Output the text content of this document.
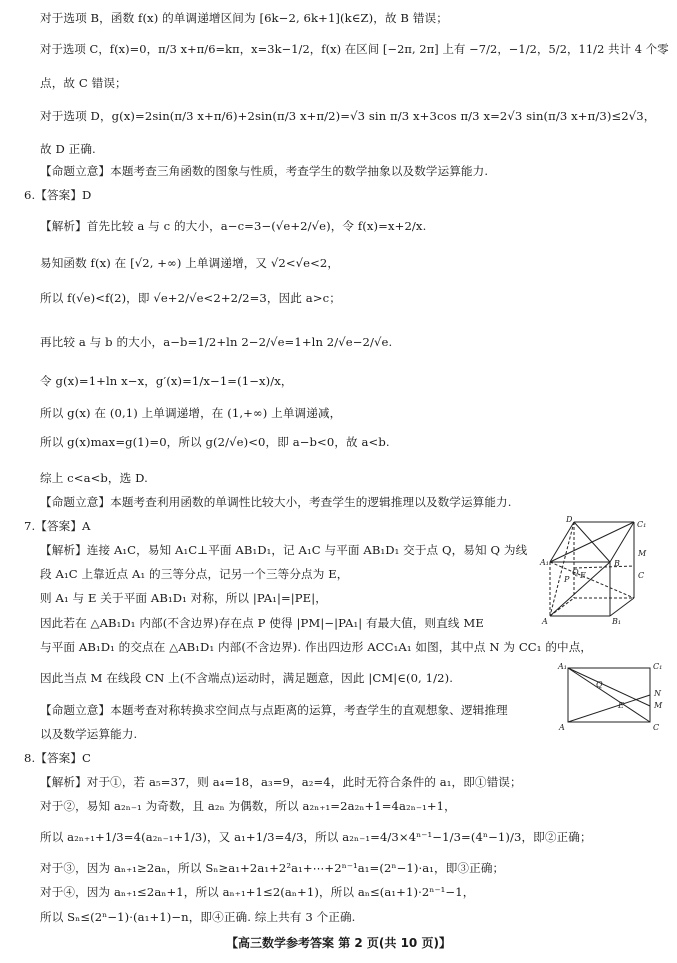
对于选项 B，函数 f(x) 的单调递增区间为 [6k−2, 6k+1](k∈Z)，故 B 错误；
对于选项 C，f(x)=0，π/3 x+π/6=kπ，x=3k−1/2，f(x) 在区间 [−2π, 2π] 上有 −7/2，−1/2，5/2，11/2 共计 4 个零
点，故 C 错误；
对于选项 D，g(x)=2sin(π/3 x+π/6)+2sin(π/3 x+π/2)=√3 sin π/3 x+3cos π/3 x=2√3 sin(π/3 x+π/3)≤2√3，
故 D 正确.
【命题立意】本题考查三角函数的图象与性质，考查学生的数学抽象以及数学运算能力.
6.【答案】D
【解析】首先比较 a 与 c 的大小，a−c=3−(√e+2/√e)，令 f(x)=x+2/x.
易知函数 f(x) 在 [√2, +∞) 上单调递增，又 √2<√e<2，
所以 f(√e)<f(2)，即 √e+2/√e<2+2/2=3，因此 a>c；
再比较 a 与 b 的大小，a−b=1/2+ln 2−2/√e=1+ln 2/√e−2/√e.
令 g(x)=1+ln x−x，g′(x)=1/x−1=(1−x)/x，
所以 g(x) 在 (0,1) 上单调递增，在 (1,+∞) 上单调递减，
所以 g(x)max=g(1)=0，所以 g(2/√e)<0，即 a−b<0，故 a<b.
综上 c<a<b，选 D.
【命题立意】本题考查利用函数的单调性比较大小，考查学生的逻辑推理以及数学运算能力.
7.【答案】A
【解析】连接 A₁C，易知 A₁C⊥平面 AB₁D₁，记 A₁C 与平面 AB₁D₁ 交于点 Q，易知 Q 为线
段 A₁C 上靠近点 A₁ 的三等分点，记另一个三等分点为 E，
则 A₁ 与 E 关于平面 AB₁D₁ 对称，所以 |PA₁|=|PE|，
因此若在 △AB₁D₁ 内部(不含边界)存在点 P 使得 |PM|−|PA₁| 有最大值，则直线 ME
与平面 AB₁D₁ 的交点在 △AB₁D₁ 内部(不含边界). 作出四边形 ACC₁A₁ 如图，其中点 N 为 CC₁ 的中点，
因此当点 M 在线段 CN 上(不含端点)运动时，满足题意，因此 |CM|∈(0, 1/2).
【命题立意】本题考查对称转换求空间点与点距离的运算，考查学生的直观想象、逻辑推理
以及数学运算能力.
8.【答案】C
【解析】对于①，若 a₅=37，则 a₄=18，a₃=9，a₂=4，此时无符合条件的 a₁，即①错误；
对于②，易知 a₂ₙ₋₁ 为奇数，且 a₂ₙ 为偶数，所以 a₂ₙ₊₁=2a₂ₙ+1=4a₂ₙ₋₁+1，
所以 a₂ₙ₊₁+1/3=4(a₂ₙ₋₁+1/3)，又 a₁+1/3=4/3，所以 a₂ₙ₋₁=4/3×4ⁿ⁻¹−1/3=(4ⁿ−1)/3，即②正确；
对于③，因为 aₙ₊₁≥2aₙ，所以 Sₙ≥a₁+2a₁+2²a₁+⋯+2ⁿ⁻¹a₁=(2ⁿ−1)·a₁，即③正确；
对于④，因为 aₙ₊₁≤2aₙ+1，所以 aₙ₊₁+1≤2(aₙ+1)，所以 aₙ≤(a₁+1)·2ⁿ⁻¹−1，
所以 Sₙ≤(2ⁿ−1)·(a₁+1)−n，即④正确. 综上共有 3 个正确.
D
C₁
A₁	B
M
C
Q E
P
A	B₁
A₁	C₁
Q
N
M
E
A	C
【高三数学参考答案 第 2 页(共 10 页)】
